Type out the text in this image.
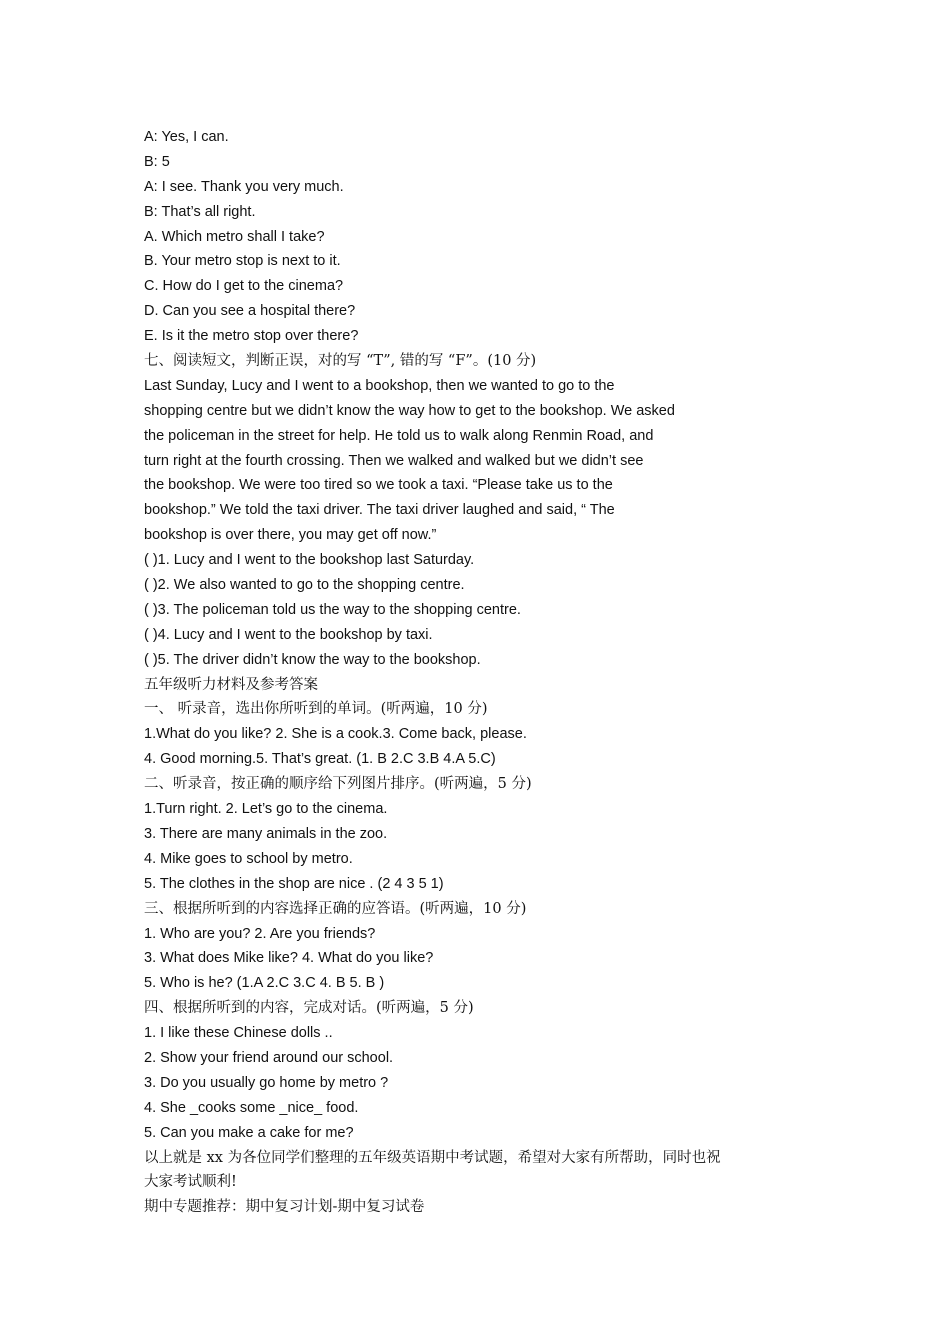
A: Yes, I can.
B: 5
A: I see. Thank you very much.
B: That’s all right.
A. Which metro shall I take?
B. Your metro stop is next to it.
C. How do I get to the cinema?
D. Can you see a hospital there?
E. Is it the metro stop over there?
七、阅读短文，判断正误，对的写 “T”, 错的写 “F”。(10 分)
Last Sunday, Lucy and I went to a bookshop, then we wanted to go to the
shopping centre but we didn’t know the way how to get to the bookshop. We asked
the policeman in the street for help. He told us to walk along Renmin Road, and
turn right at the fourth crossing. Then we walked and walked but we didn’t see
the bookshop. We were too tired so we took a taxi. “Please take us to the
bookshop.” We told the taxi driver. The taxi driver laughed and said, “ The
bookshop is over there, you may get off now.”
( )1. Lucy and I went to the bookshop last Saturday.
( )2. We also wanted to go to the shopping centre.
( )3. The policeman told us the way to the shopping centre.
( )4. Lucy and I went to the bookshop by taxi.
( )5. The driver didn’t know the way to the bookshop.
五年级听力材料及参考答案
一、 听录音，选出你所听到的单词。(听两遍，10 分)
1.What do you like? 2. She is a cook.3. Come back, please.
4. Good morning.5. That’s great. (1. B 2.C 3.B 4.A 5.C)
二、听录音，按正确的顺序给下列图片排序。(听两遍，5 分)
1.Turn right. 2. Let’s go to the cinema.
3. There are many animals in the zoo.
4. Mike goes to school by metro.
5. The clothes in the shop are nice . (2 4 3 5 1)
三、根据所听到的内容选择正确的应答语。(听两遍，10 分)
1. Who are you? 2. Are you friends?
3. What does Mike like? 4. What do you like?
5. Who is he? (1.A 2.C 3.C 4. B 5. B )
四、根据所听到的内容，完成对话。(听两遍，5 分)
1. I like these Chinese dolls ..
2. Show your friend around our school.
3. Do you usually go home by metro ?
4. She _cooks some _nice_ food.
5. Can you make a cake for me?
以上就是 xx 为各位同学们整理的五年级英语期中考试题，希望对大家有所帮助，同时也祝
大家考试顺利!
期中专题推荐：期中复习计划-期中复习试卷
